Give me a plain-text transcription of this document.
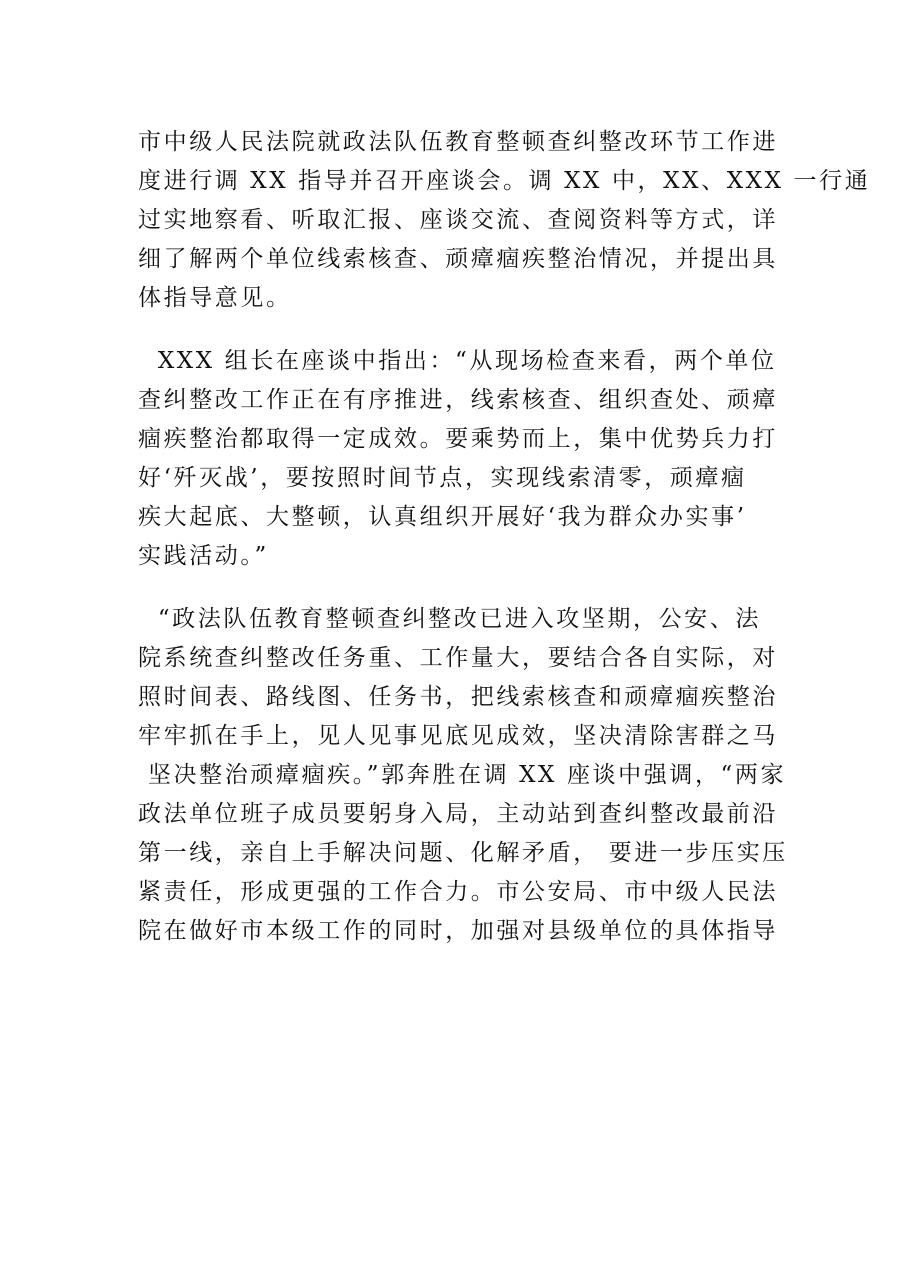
市中级人民法院就政法队伍教育整顿查纠整改环节工作进
度进行调 XX 指导并召开座谈会。调 XX 中，XX、XXX 一行通
过实地察看、听取汇报、座谈交流、查阅资料等方式，详
细了解两个单位线索核查、顽瘴痼疾整治情况，并提出具
体指导意见。

XXX 组长在座谈中指出：“从现场检查来看，两个单位
查纠整改工作正在有序推进，线索核查、组织查处、顽瘴
痼疾整治都取得一定成效。要乘势而上，集中优势兵力打
好‘歼灭战’，要按照时间节点，实现线索清零，顽瘴痼
疾大起底、大整顿，认真组织开展好‘我为群众办实事’
实践活动。”

“政法队伍教育整顿查纠整改已进入攻坚期，公安、法
院系统查纠整改任务重、工作量大，要结合各自实际，对
照时间表、路线图、任务书，把线索核查和顽瘴痼疾整治
牢牢抓在手上，见人见事见底见成效，坚决清除害群之马
坚决整治顽瘴痼疾。”郭奔胜在调 XX 座谈中强调，“两家
政法单位班子成员要躬身入局，主动站到查纠整改最前沿
第一线，亲自上手解决问题、化解矛盾， 要进一步压实压
紧责任，形成更强的工作合力。市公安局、市中级人民法
院在做好市本级工作的同时，加强对县级单位的具体指导
